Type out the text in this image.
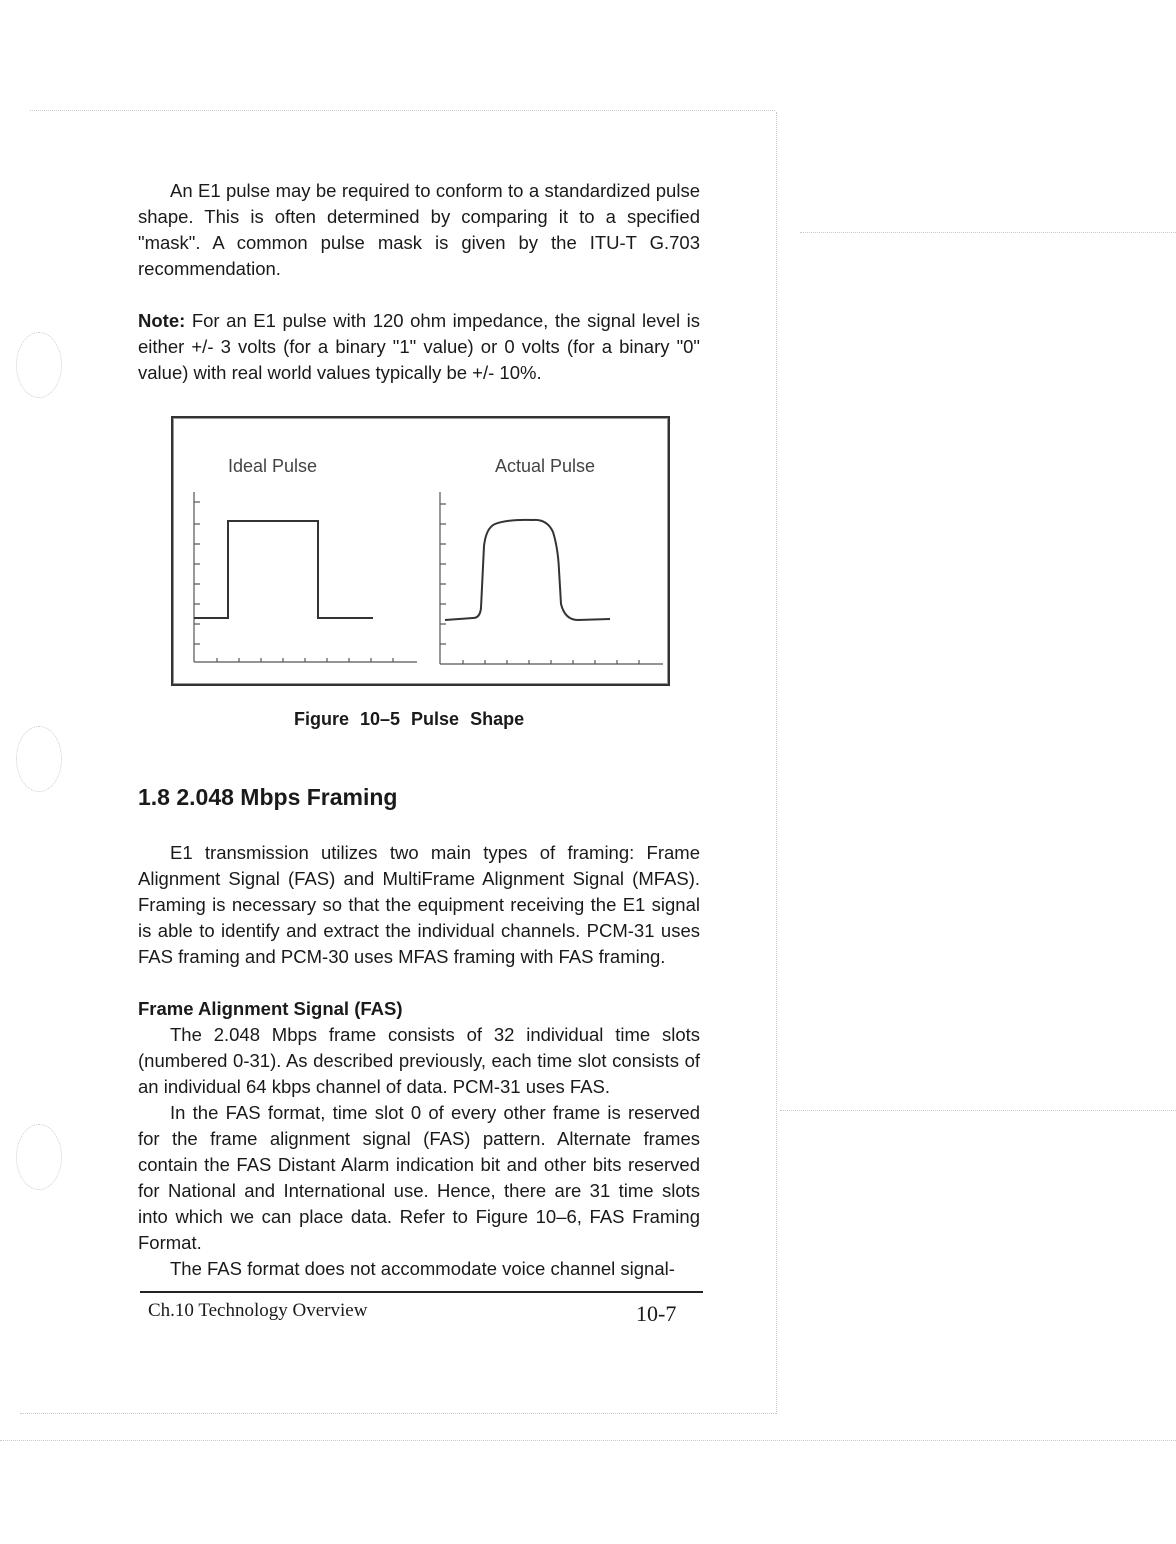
An E1 pulse may be required to conform to a standardized pulse shape. This is often determined by comparing it to a specified "mask". A common pulse mask is given by the ITU-T G.703 recommendation.

Note: For an E1 pulse with 120 ohm impedance, the signal level is either +/- 3 volts (for a binary "1" value) or 0 volts (for a binary "0" value) with real world values typically be +/- 10%.

Ideal Pulse	Actual Pulse
Figure 10–5 Pulse Shape
1.8 2.048 Mbps Framing

E1 transmission utilizes two main types of framing: Frame Alignment Signal (FAS) and MultiFrame Alignment Signal (MFAS). Framing is necessary so that the equipment receiving the E1 signal is able to identify and extract the individual channels. PCM-31 uses FAS framing and PCM-30 uses MFAS framing with FAS framing.

Frame Alignment Signal (FAS)

The 2.048 Mbps frame consists of 32 individual time slots (numbered 0-31). As described previously, each time slot consists of an individual 64 kbps channel of data. PCM-31 uses FAS.

In the FAS format, time slot 0 of every other frame is reserved for the frame alignment signal (FAS) pattern. Alternate frames contain the FAS Distant Alarm indication bit and other bits reserved for National and International use. Hence, there are 31 time slots into which we can place data. Refer to Figure 10–6, FAS Framing Format.

The FAS format does not accommodate voice channel signal-

Ch.10 Technology Overview	10-7
